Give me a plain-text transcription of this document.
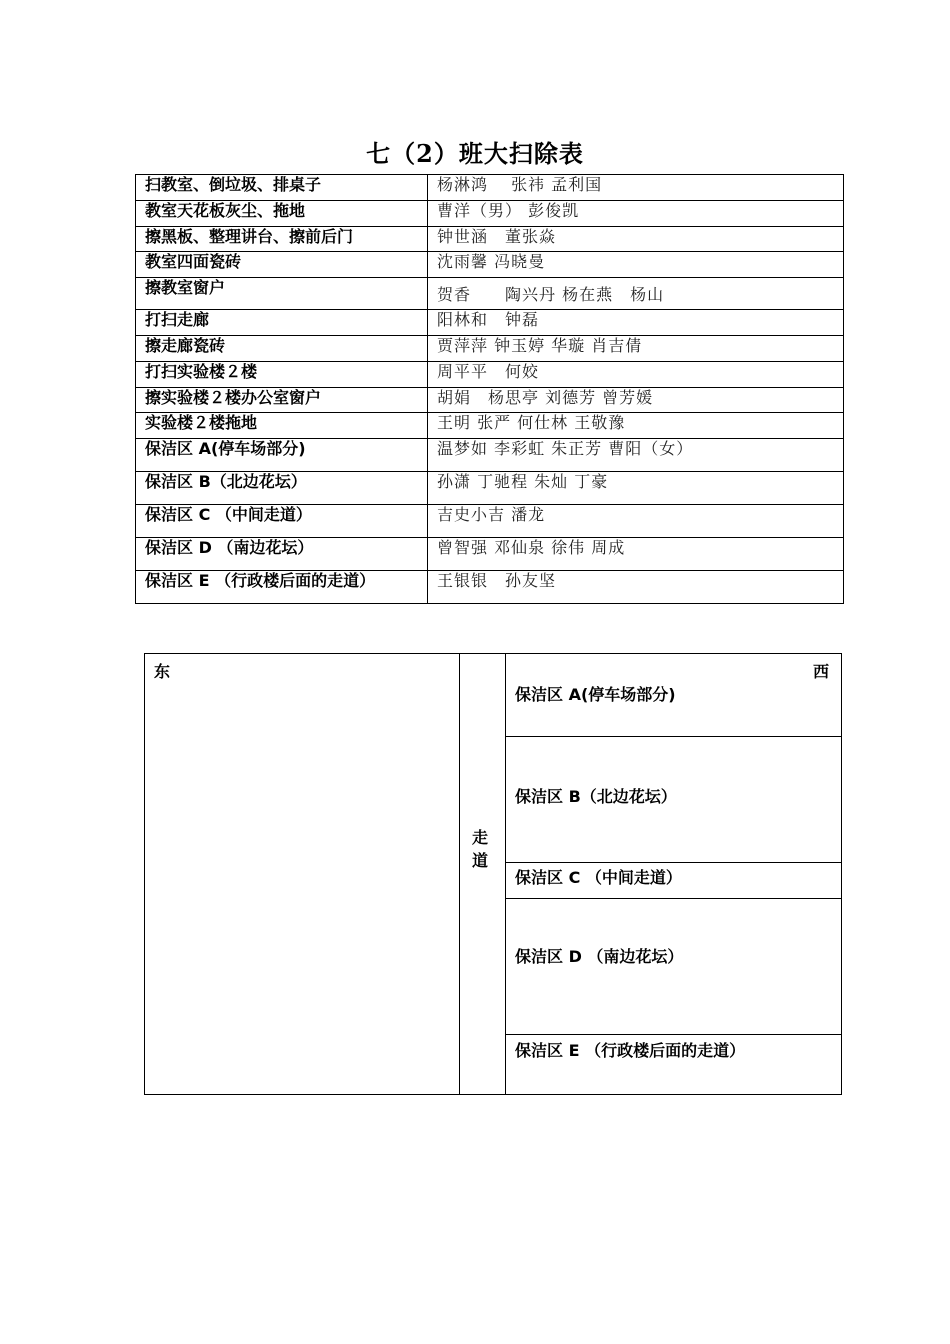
七（2）班大扫除表
扫教室、倒垃圾、排桌子	杨淋鸿　 张祎 孟利国
教室天花板灰尘、拖地	曹洋（男） 彭俊凯
擦黑板、整理讲台、擦前后门	钟世涵　董张焱
教室四面瓷砖	沈雨馨 冯晓曼
擦教室窗户	贺香　　陶兴丹 杨在燕　杨山
打扫走廊	阳林和　钟磊
擦走廊瓷砖	贾萍萍 钟玉婷 华璇 肖吉倩
打扫实验楼２楼	周平平　何姣
擦实验楼２楼办公室窗户	胡娟　杨思亭 刘德芳 曾芳媛
实验楼２楼拖地	王明 张严 何仕林 王敬豫
保洁区 A(停车场部分)	温梦如 李彩虹 朱正芳 曹阳（女）
保洁区 B（北边花坛）	孙潇 丁驰程 朱灿 丁豪
保洁区 C （中间走道）	吉史小吉 潘龙
保洁区 D （南边花坛）	曾智强 邓仙泉 徐伟 周成
保洁区 E （行政楼后面的走道）	王银银　孙友坚
东
走道
西
保洁区 A(停车场部分)
保洁区 B（北边花坛）
保洁区 C （中间走道）
保洁区 D （南边花坛）
保洁区 E （行政楼后面的走道）
